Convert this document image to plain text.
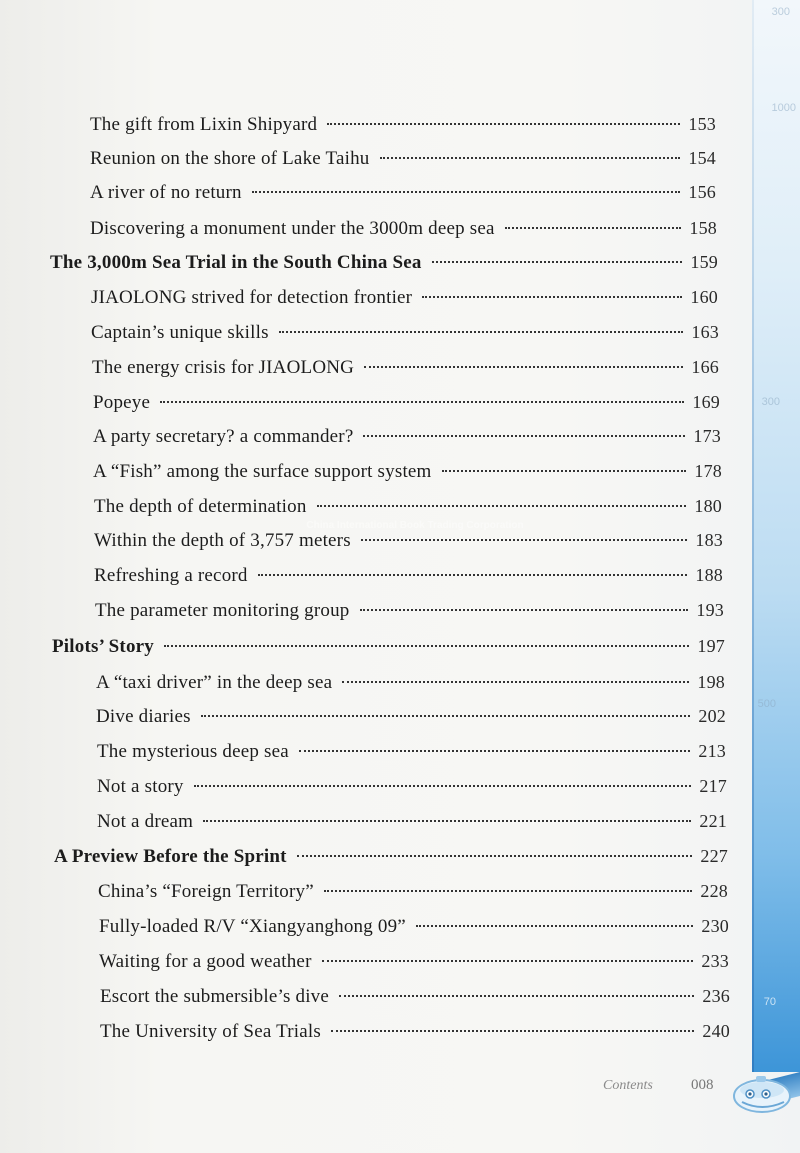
300
1000
300
500
70
The gift from Lixin Shipyard	153
Reunion on the shore of Lake Taihu	154
A river of no return	156
Discovering a monument under the 3000m deep sea	158
The 3,000m Sea Trial in the South China Sea	159
JIAOLONG strived for detection frontier	160
Captain’s unique skills	163
The energy crisis for JIAOLONG	166
Popeye	169
A party secretary? a commander?	173
A “Fish” among the surface support system	178
The depth of determination	180
Within the depth of 3,757 meters	183
Refreshing a record	188
The parameter monitoring group	193
Pilots’ Story	197
A “taxi driver” in the deep sea	198
Dive diaries	202
The mysterious deep sea	213
Not a story	217
Not a dream	221
A Preview Before the Sprint	227
China’s “Foreign Territory”	228
Fully-loaded R/V “Xiangyanghong 09”	230
Waiting for a good weather	233
Escort the submersible’s dive	236
The University of Sea Trials	240
China International Book Trading Corporation
Contents	008
